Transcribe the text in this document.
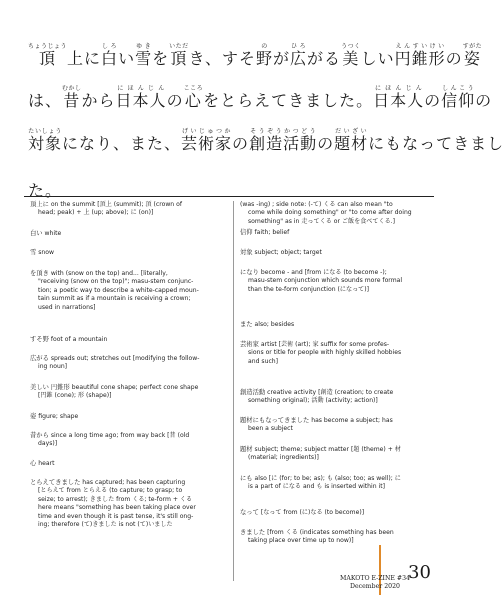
頂ちょうじょう上に白しろい雪ゆきを頂いただき、すそ野のが広ひろがる美うつくしい円錐形えんすいけいの姿すがた
は、昔むかしから日本人にほんじんの心こころをとらえてきました。日本人にほんじんの信仰しんこうの
対象たいしょうになり、また、芸術家げいじゅつかの創造活動そうぞうかつどうの題材だいざいにもなってきまし
た。
頂上に on the summit [頂上 (summit); 頂 (crown of
head; peak) + 上 (up; above); に (on)]
白い white
雪 snow
を頂き with (snow on the top) and... [literally,
"receiving (snow on the top)"; masu-stem conjunc-
tion; a poetic way to describe a white-capped moun-
tain summit as if a mountain is receiving a crown;
used in narrations]
すそ野 foot of a mountain
広がる spreads out; stretches out [modifying the follow-
ing noun]
美しい 円錐形 beautiful cone shape; perfect cone shape
[円錐 (cone); 形 (shape)]
姿 figure; shape
昔から since a long time ago; from way back [昔 (old
days)]
心 heart
とらえてきました has captured; has been capturing
[とらえて from とらえる (to capture; to grasp; to
seize; to arrest); きました from くる; te-form + くる
here means "something has been taking place over
time and even though it is past tense, it's still ong-
ing; therefore (て)きました is not (て)いました
(was -ing) ; side note: (-て) くる can also mean "to
come while doing something" or "to come after doing
something" as in 走ってくる or ご飯を食べてくる.]
信仰 faith; belief
対象 subject; object; target
になり become - and [from になる (to become -);
masu-stem conjunction which sounds more formal
than the te-form conjunction (になって)]
また also; besides
芸術家 artist [芸術 (art); 家 suffix for some profes-
sions or title for people with highly skilled hobbies
and such]
創造活動 creative activity [創造 (creation; to create
something original); 活動 (activity; action)]
題材にもなってきました has become a subject; has
been a subject
題材 subject; theme; subject matter [題 (theme) + 材
(material; ingredients)]
にも also [に (for; to be; as); も (also; too; as well); に
is a part of になる and も is inserted within it]
なって [なって from (に)なる (to become)]
きました [from くる (indicates something has been
taking place over time up to now)]
MAKOTO E-ZINE #34
December 2020
30
